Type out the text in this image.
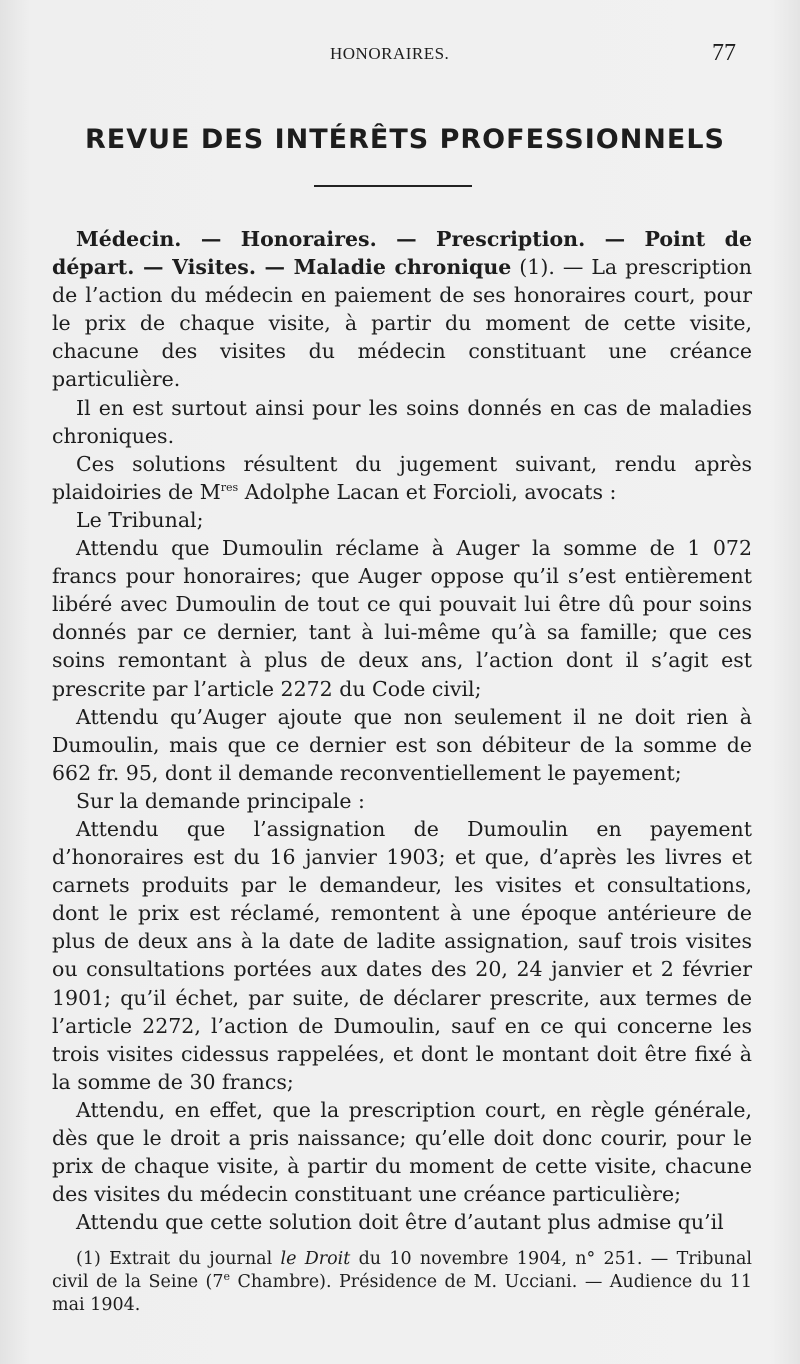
HONORAIRES.	77
REVUE DES INTÉRÊTS PROFESSIONNELS

Médecin. — Honoraires. — Prescription. — Point de départ. — Visites. — Maladie chronique (1). — La prescription de l’action du médecin en paiement de ses honoraires court, pour le prix de chaque visite, à partir du moment de cette visite, chacune des visites du médecin constituant une créance particulière.

Il en est surtout ainsi pour les soins donnés en cas de maladies chroniques.

Ces solutions résultent du jugement suivant, rendu après plaidoiries de Mres Adolphe Lacan et Forcioli, avocats :

Le Tribunal;

Attendu que Dumoulin réclame à Auger la somme de 1 072 francs pour honoraires; que Auger oppose qu’il s’est entièrement libéré avec Dumoulin de tout ce qui pouvait lui être dû pour soins donnés par ce dernier, tant à lui-même qu’à sa famille; que ces soins remontant à plus de deux ans, l’action dont il s’agit est prescrite par l’article 2272 du Code civil;

Attendu qu’Auger ajoute que non seulement il ne doit rien à Dumoulin, mais que ce dernier est son débiteur de la somme de 662 fr. 95, dont il demande reconventiellement le payement;

Sur la demande principale :

Attendu que l’assignation de Dumoulin en payement d’honoraires est du 16 janvier 1903; et que, d’après les livres et carnets produits par le demandeur, les visites et consultations, dont le prix est réclamé, remontent à une époque antérieure de plus de deux ans à la date de ladite assignation, sauf trois visites ou consultations portées aux dates des 20, 24 janvier et 2 février 1901; qu’il échet, par suite, de déclarer prescrite, aux termes de l’article 2272, l’action de Dumoulin, sauf en ce qui concerne les trois visites cidessus rappelées, et dont le montant doit être fixé à la somme de 30 francs;

Attendu, en effet, que la prescription court, en règle générale, dès que le droit a pris naissance; qu’elle doit donc courir, pour le prix de chaque visite, à partir du moment de cette visite, chacune des visites du médecin constituant une créance particulière;

Attendu que cette solution doit être d’autant plus admise qu’il

(1) Extrait du journal le Droit du 10 novembre 1904, n° 251. — Tribunal civil de la Seine (7e Chambre). Présidence de M. Ucciani. — Audience du 11 mai 1904.
